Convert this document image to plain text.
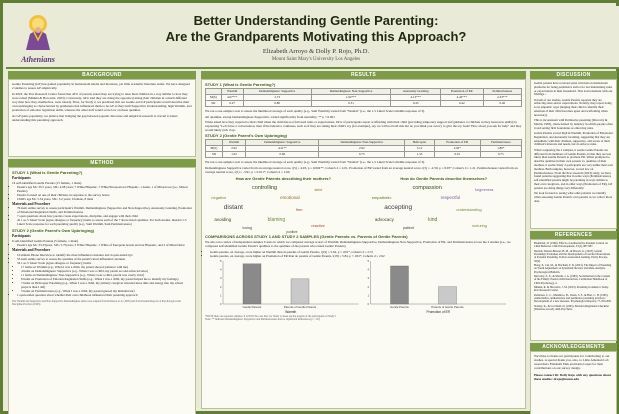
Athenians
Better Understanding Gentle Parenting:
Are the Grandparents Motivating this Approach?
Elizabeth Arroyo & Dolly P. Rojo, Ph.D.
Mount Saint Mary's University Los Angeles
BACKGROUND

Gentle Parenting (GP) has gained popularity in mainstream media and literature, yet little academic literature exists. We have designed 2 studies to assess GP empirically.

In 2023, the Pew Research Center found that 43% of parents stated they are trying to raise their children in a way similar to how they were raised (Minkin & Horowitz, 2023). Conversely, 44% said they are doing the opposite (raising their children in a much different way than how they, themselves, were raised). Thus, for Study 2, we predicted that our Gentle and GP participants would describe their own upbringing as characterized by gentleness that influenced them to be GP as they built Supportive Understanding, high Warmth, and promotion of emotion regulation skills, whereas the other half would score low on these qualities.

As GP gains popularity, we believe that bridging the gap between popular discourse and empirical research is crucial to better understanding this parenting approach.

METHOD
STUDY 1 (What is Gentle Parenting?)
Participants
16 self-identified Gentle Parents (15 female, 1 male)
• Parent's age M= 35.5 years, SD= 4.08 years; 7 White/Hispanic, 7 White/European not Hispanic, 1 Asian, 1 of Mixed race (i.e., Mixed Parents)
• Parents focused on one of their children, in response to the survey below
• Child's age M= 5.54 years, SD= 3.2 years; 9 female, 8 male
Materials and Procedure
• 76-item online survey to assess participant's Warmth, Demandingness (Supportive and Non-Supportive), Autonomy Granting, Promotion of Emotional Regulation Skills, and Permissiveness
• 7 open questions about how parents create expectations, discipline, and engage with their child
• 42 1-to-5 Likert Scale (agree-disagree or frequency) items to assess each of the 7 above listed qualities. For both studies, internal 1-5 Likert Scale response for each parenting quality (e.g., Sum Warmth, Sum Permissiveness)
STUDY 2 (Gentle Parent's Own Upbringing)
Participants
6 self-identified Gentle Parents (5 female, 1 male)
• Parent's age M= 33.33years, SD= 5.75years; 3 White Hispanic, 1 White of European decent and not Hispanic, and 2 of Mixed Race
Materials and Procedure
• 10-minute Phone Interview to identify the most influential caretaker and 4 open-ended Q/s
• 55-item online survey to assess the qualities of the parent's most influential caretaker
• 34 1-to-5 Likert Scale (agree-disagree or frequency) items
• 17 items on Warmth (e.g., When I was a child, my parent showed patience with me)
• 4 items on Demandingness: Supportive (e.g., When I was a child, my parent set and enforced rules)
• 11 items on Demandingness: Non-Supportive (e.g., When I was a child, parent was overly strict)
• 8 items on Promotion of Emotion Regulation Skills (e.g., When I was a child, my parent helped me to identify my feelings)
• 7 items on Helicopter Parenting (e.g., When I was a child, my primary caregiver invested more time and energy into my school projects than I did)
• 5 items on Permissiveness (e.g., When I was a child, my parent ignored my misbehavior)
• 1 open-ended question about whether their own childhood influenced their parenting approach
The Warmth and Supportive and Non-Supportive Demandingness items were adapted from Robinson et al. (1995) and from Parental Reports of Psychological and Discipline Practices (1995).
RESULTS
STUDY 1 (What is Gentle Parenting?)
	Warmth	Demandingness: Supportive	Demandingness: Non-Supportive	Autonomy Granting	Promotion of ER	Permissiveness
M(S)	4.67***	2.73	1.92***	4.13***	4.42***	2.33***
SD	0.27	0.80	0.31	0.45	0.42	0.46

We ran a one-sample t-test to assess the likelihood average of each quality (e.g., Sum Warmth) varied from "Neutral" (i.e., the 1.5 Likert Scale's middle response of 3).

All qualities, except Demandingness-Supportive, varied significantly from neutrality, ** p < 0.001

When asked how they respond to their child when the child has not followed rules or expectations, 92% of participants report scaffolding with their child (providing temporary support and guidance to children as they learn new skills) by expressing "Let's have a conversation, then if the behavior continues, such as if they are taking their child's toy (for example), say we will not hold this but do you think you can try to give the toy back? How about you ask for help" and they would likely pick it up.

STUDY 2 (Gentle Parent's Own Upbringing)
	Warmth	Demandingness: Supportive	Demandingness: Non-Supportive	Helicopter	Promotion of ER	Permissiveness
M(S)	2.92	4.21**	2.92	3.12	2.02*	1.80*
SD	1.02	0.60	0.75	1.33	0.91	0.75

We ran a one-sample t-test to assess the likelihood average of each quality (e.g., Sum Warmth) varied from "Neutral" (i.e., the 1.5 Likert Scale's middle response of 3).

Demandingness Supportive varied from an average neutral score, t(5) = 4.93, p = 0.004**, Cohen's d = 2.01. Promotion of ER varied from an average neutral score, t(5) = -2.59, p = 0.05*, Cohen's d = 1.21. Permissiveness varied from an average neutral score, t(5) = -3.91, p = 0.011*, Cohen's d = 1.60.

How are Gentle Parents describing their mothers?
controlling
negative	emotional
distant	firm
avoiding	blaming
strict
loving	reactive
punitive
How do Gentle Parents describe themselves?
compassion
empathetic	respectful
accepting	understanding
advocacy	kind
forgiveness
patient	nurturing
COMPARISONS ACROSS STUDY 1 AND STUDY 2 SAMPLES (Gentle Parents vs. Parents of Gentle Parents)

We also ran a series of independent samples T-tests in which we compared average scores of Warmth, Demandingness-Supportive, Demandingness Non-Supportive, Promotion of ER, and Permissiveness across the 2 studies (i.e., we compared self-identified Gentle Parent's qualities to the qualities of the parents who raised Gentle Parents).

• Gentle parents, on average, score higher on Warmth than do parents of Gentle Parents, t(19) = 5.64, p < .001*, Cohen's d = 2.72
• Gentle parents, on average, score higher on Promotion of ER than do parents of Gentle Parents, t(18) = 5.84, p < .001*, Cohen's d = 2.92
0
1
2
3
4
5
Gentle Parents	Parents of Gentle Parents
Warmth
0
1
2
3
4
5
Gentle Parents	Parents of Gentle Parents
Promotion of ER
*NOTE there are separate samples. It is NOT the case that, for Study 2, these are the parents of the participants of Study 1
Note: ** indicates Demandingness: Supportive and Permissiveness had no significant differences (p > .05)
DISCUSSION

Gentle parents have received some criticism on mainstream platforms for being permissive and/or for not maintaining rules or expectations in their household. This is inconsistent with our findings...

In both of our studies, Gentle Parents reported they are enforcing rules and/or expectations. Notably, they report doing so in empathic ways (helping their child to identify their emotions if their child becomes upset and scaffolding when necessary).

This is inconsistent with Permissive parenting (Maccoby & Martin, 1983), characterized by leniency in which parents often avoid setting firm boundaries or enforcing rules.

Gentle Parents scored high in Warmth, Promotion of Emotional Regulation, and Autonomy Granting, suggesting that they are empathetic with their children, supportive, and aware of their children's interests and needs, but do enforce rules.

When comparing the 2 samples, it seems Gentle Parents are different from members of Gentle Parents, in that they are less likely than Gentle Parents to promote ER. When prompted to describe qualities in their own parents vs. qualities of their mothers, it seems Study 2 participants are very unlike their own mothers. Both samples, however, scored low on Permissiveness. From the Pew research (2023) study, we have found patterns suggesting that in some ways (Permissiveness), self-identified parents might be parenting in ways similar to their own caregivers, and in other ways (Promotion of ER), GP parents are doing things very differently.

We look forward to seeing what other patterns we identify when assessing Gentle Parent's own parents as we collect more data.

REFERENCES
Baumrind, D. (1966). Effects of Authoritative Parental Control on Child Behavior. Child Development, 37(4), 887-907.
Darnell, Warner-Burson, H. M., & Brown, G. (2023). Gentle Parenting's Evolution and the Development of Certain Observations of Parental Parenting. In Post-Generation Gaming, Parity Process, 32(2).
Hong, P., Cui, M., & Fincham, F. D. (2023). The Impact of Parenting on Youth Adjustment: A Systematic Review and Meta-Analysis. Psychological Bulletin.
Maccoby, E. E., & Martin, J. A. (1983). Socialization in the Context of the Family: Parent-Child Interaction. Carmichael Handbook of Child Psychology, 4.
Minkin, R. & Horowitz, J. M. (2023). Parenting in America Today. Pew Research Center.
Robinson, C. C., Mandleco, B., Olsen, S. F., & Hart, C. H. (1995). Authoritative, authoritarian, and permissive parenting practices: Development of a new measure. Psychological Reports, 77, 819-830.
Stanley, K., & Cecchetti, D. (1995). Emotion Regulation Checklist [Database record]. APA PsycTests.
ACKNOWLEDGEMENTS

We'd like to thank our participants for contributing to our studies. A special thank you, also, to Little Athenian Lab researchers Elizabeth Pink and Katia Lopez for their contributions on our survey design.

Please contact Dr. Dolly Rojo with any questions about these studies: drojo@msmu.edu
